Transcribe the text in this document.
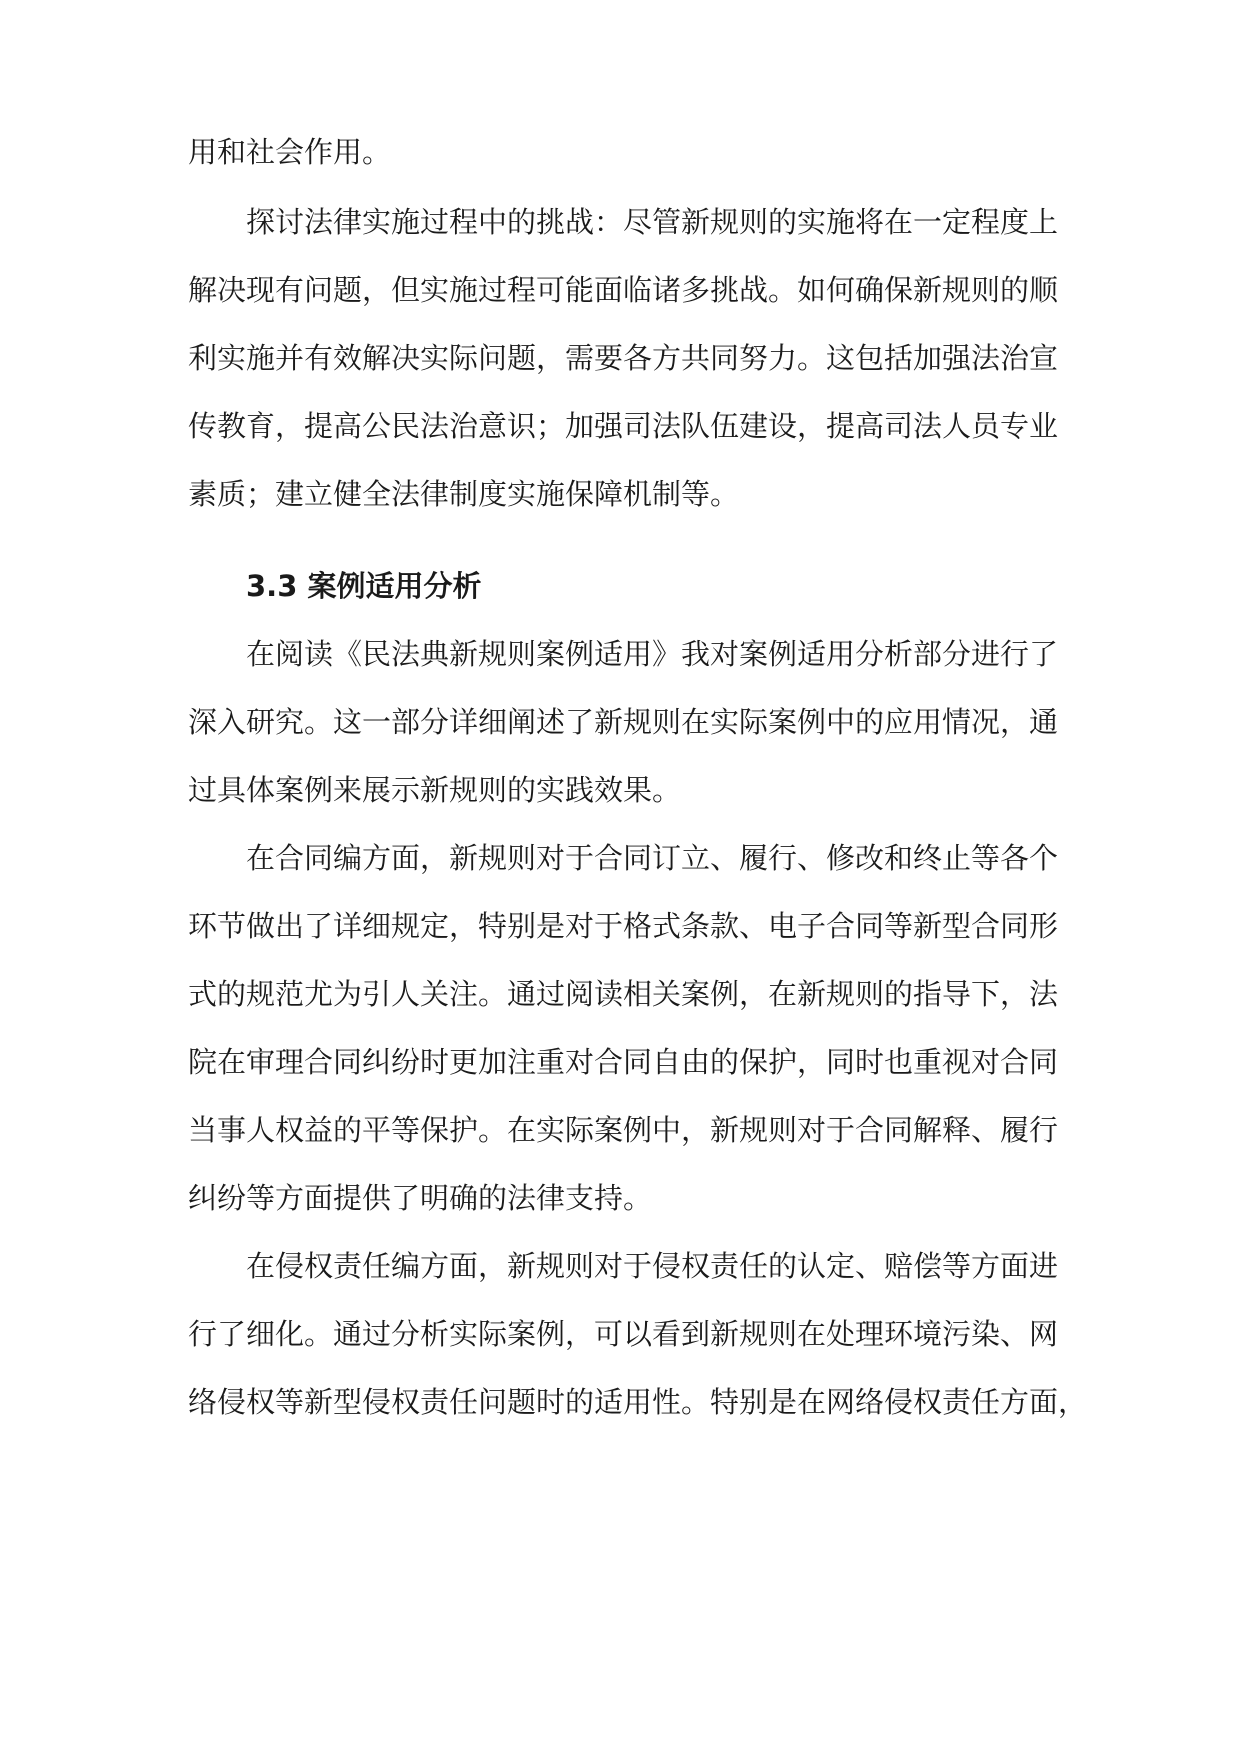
用和社会作用。
探讨法律实施过程中的挑战：尽管新规则的实施将在一定程度上
解决现有问题，但实施过程可能面临诸多挑战。如何确保新规则的顺
利实施并有效解决实际问题，需要各方共同努力。这包括加强法治宣
传教育，提高公民法治意识；加强司法队伍建设，提高司法人员专业
素质；建立健全法律制度实施保障机制等。
3.3 案例适用分析
在阅读《民法典新规则案例适用》我对案例适用分析部分进行了
深入研究。这一部分详细阐述了新规则在实际案例中的应用情况，通
过具体案例来展示新规则的实践效果。
在合同编方面，新规则对于合同订立、履行、修改和终止等各个
环节做出了详细规定，特别是对于格式条款、电子合同等新型合同形
式的规范尤为引人关注。通过阅读相关案例，在新规则的指导下，法
院在审理合同纠纷时更加注重对合同自由的保护，同时也重视对合同
当事人权益的平等保护。在实际案例中，新规则对于合同解释、履行
纠纷等方面提供了明确的法律支持。
在侵权责任编方面，新规则对于侵权责任的认定、赔偿等方面进
行了细化。通过分析实际案例，可以看到新规则在处理环境污染、网
络侵权等新型侵权责任问题时的适用性。特别是在网络侵权责任方面，
